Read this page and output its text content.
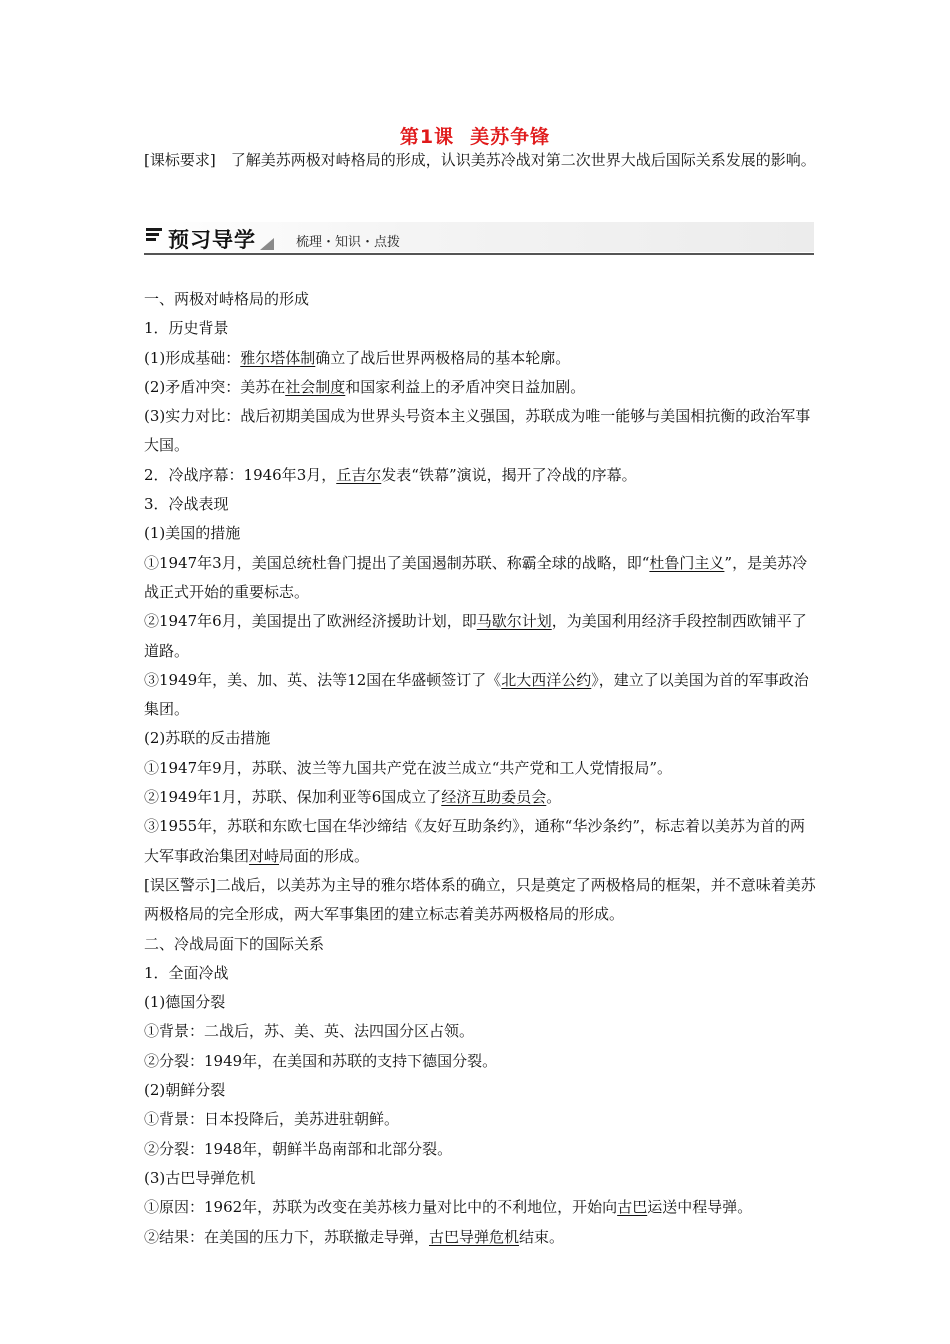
第1课 美苏争锋

[课标要求]　了解美苏两极对峙格局的形成，认识美苏冷战对第二次世界大战后国际关系发展的影响。

预习导学	梳理・知识・点拨

一、两极对峙格局的形成

1．历史背景

(1)形成基础：雅尔塔体制确立了战后世界两极格局的基本轮廓。

(2)矛盾冲突：美苏在社会制度和国家利益上的矛盾冲突日益加剧。

(3)实力对比：战后初期美国成为世界头号资本主义强国，苏联成为唯一能够与美国相抗衡的政治军事大国。

2．冷战序幕：1946年3月，丘吉尔发表“铁幕”演说，揭开了冷战的序幕。

3．冷战表现

(1)美国的措施

①1947年3月，美国总统杜鲁门提出了美国遏制苏联、称霸全球的战略，即“杜鲁门主义”，是美苏冷战正式开始的重要标志。

②1947年6月，美国提出了欧洲经济援助计划，即马歇尔计划，为美国利用经济手段控制西欧铺平了道路。

③1949年，美、加、英、法等12国在华盛顿签订了《北大西洋公约》，建立了以美国为首的军事政治集团。

(2)苏联的反击措施

①1947年9月，苏联、波兰等九国共产党在波兰成立“共产党和工人党情报局”。

②1949年1月，苏联、保加利亚等6国成立了经济互助委员会。

③1955年，苏联和东欧七国在华沙缔结《友好互助条约》，通称“华沙条约”，标志着以美苏为首的两大军事政治集团对峙局面的形成。

[误区警示]二战后，以美苏为主导的雅尔塔体系的确立，只是奠定了两极格局的框架，并不意味着美苏两极格局的完全形成，两大军事集团的建立标志着美苏两极格局的形成。

二、冷战局面下的国际关系

1．全面冷战

(1)德国分裂

①背景：二战后，苏、美、英、法四国分区占领。

②分裂：1949年，在美国和苏联的支持下德国分裂。

(2)朝鲜分裂

①背景：日本投降后，美苏进驻朝鲜。

②分裂：1948年，朝鲜半岛南部和北部分裂。

(3)古巴导弹危机

①原因：1962年，苏联为改变在美苏核力量对比中的不利地位，开始向古巴运送中程导弹。

②结果：在美国的压力下，苏联撤走导弹，古巴导弹危机结束。
